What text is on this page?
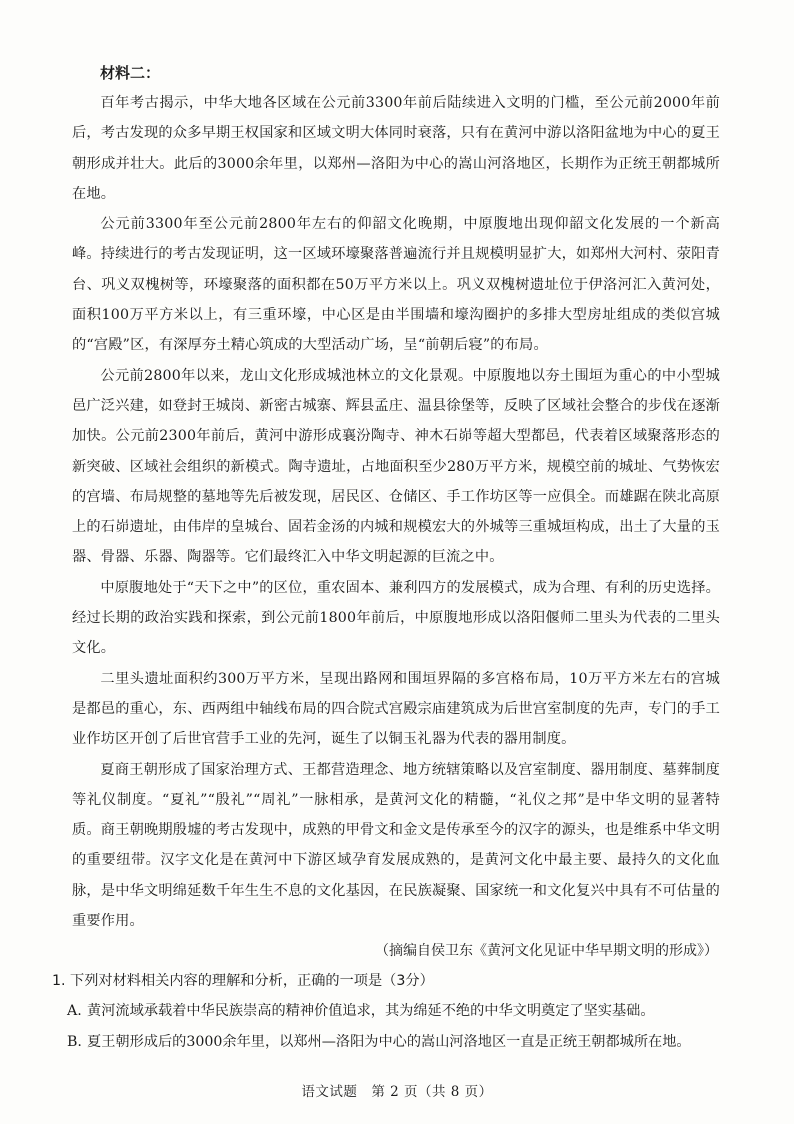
材料二：

百年考古揭示，中华大地各区域在公元前3300年前后陆续进入文明的门槛，至公元前2000年前后，考古发现的众多早期王权国家和区域文明大体同时衰落，只有在黄河中游以洛阳盆地为中心的夏王朝形成并壮大。此后的3000余年里，以郑州—洛阳为中心的嵩山河洛地区，长期作为正统王朝都城所在地。

公元前3300年至公元前2800年左右的仰韶文化晚期，中原腹地出现仰韶文化发展的一个新高峰。持续进行的考古发现证明，这一区域环壕聚落普遍流行并且规模明显扩大，如郑州大河村、荥阳青台、巩义双槐树等，环壕聚落的面积都在50万平方米以上。巩义双槐树遗址位于伊洛河汇入黄河处，面积100万平方米以上，有三重环壕，中心区是由半围墙和壕沟圈护的多排大型房址组成的类似宫城的“宫殿”区，有深厚夯土精心筑成的大型活动广场，呈“前朝后寝”的布局。

公元前2800年以来，龙山文化形成城池林立的文化景观。中原腹地以夯土围垣为重心的中小型城邑广泛兴建，如登封王城岗、新密古城寨、辉县孟庄、温县徐堡等，反映了区域社会整合的步伐在逐渐加快。公元前2300年前后，黄河中游形成襄汾陶寺、神木石峁等超大型都邑，代表着区域聚落形态的新突破、区域社会组织的新模式。陶寺遗址，占地面积至少280万平方米，规模空前的城址、气势恢宏的宫墙、布局规整的墓地等先后被发现，居民区、仓储区、手工作坊区等一应俱全。而雄踞在陕北高原上的石峁遗址，由伟岸的皇城台、固若金汤的内城和规模宏大的外城等三重城垣构成，出土了大量的玉器、骨器、乐器、陶器等。它们最终汇入中华文明起源的巨流之中。

中原腹地处于“天下之中”的区位，重农固本、兼利四方的发展模式，成为合理、有利的历史选择。经过长期的政治实践和探索，到公元前1800年前后，中原腹地形成以洛阳偃师二里头为代表的二里头文化。

二里头遗址面积约300万平方米，呈现出路网和围垣界隔的多宫格布局，10万平方米左右的宫城是都邑的重心，东、西两组中轴线布局的四合院式宫殿宗庙建筑成为后世宫室制度的先声，专门的手工业作坊区开创了后世官营手工业的先河，诞生了以铜玉礼器为代表的器用制度。

夏商王朝形成了国家治理方式、王都营造理念、地方统辖策略以及宫室制度、器用制度、墓葬制度等礼仪制度。“夏礼”“殷礼”“周礼”一脉相承，是黄河文化的精髓，“礼仪之邦”是中华文明的显著特质。商王朝晚期殷墟的考古发现中，成熟的甲骨文和金文是传承至今的汉字的源头，也是维系中华文明的重要纽带。汉字文化是在黄河中下游区域孕育发展成熟的，是黄河文化中最主要、最持久的文化血脉，是中华文明绵延数千年生生不息的文化基因，在民族凝聚、国家统一和文化复兴中具有不可估量的重要作用。

（摘编自侯卫东《黄河文化见证中华早期文明的形成》）

1. 下列对材料相关内容的理解和分析，正确的一项是（3分）
A. 黄河流域承载着中华民族崇高的精神价值追求，其为绵延不绝的中华文明奠定了坚实基础。
B. 夏王朝形成后的3000余年里，以郑州—洛阳为中心的嵩山河洛地区一直是正统王朝都城所在地。
语文试题　第 2 页（共 8 页）
